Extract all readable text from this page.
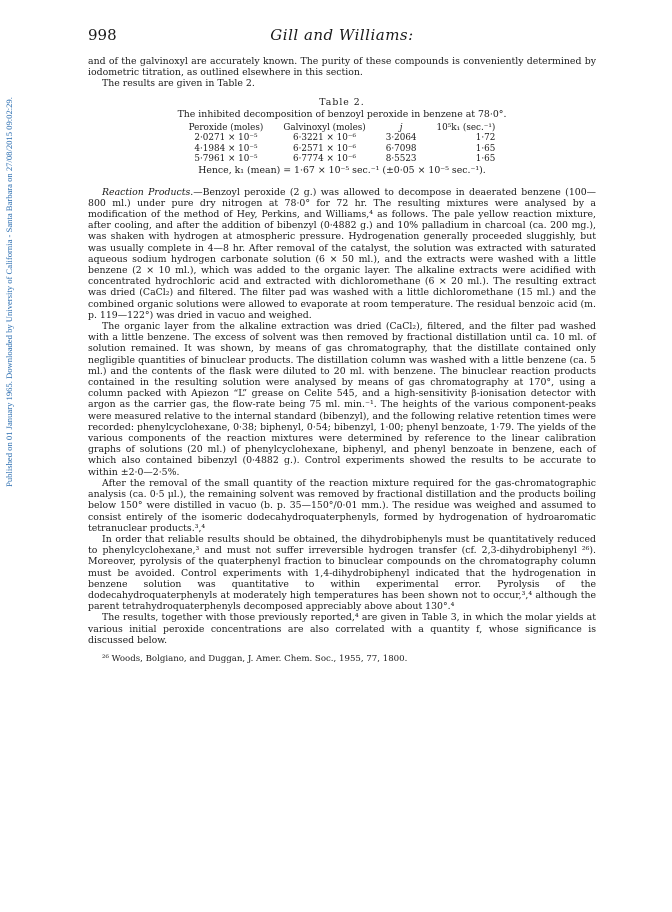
Published on 01 January 1965. Downloaded by University of California - Santa Barbara on 27/08/2015 09:02:29.
998	Gill and Williams:

and of the galvinoxyl are accurately known. The purity of these compounds is conveniently determined by iodometric titration, as outlined elsewhere in this section.

The results are given in Table 2.

Table 2.
The inhibited decomposition of benzoyl peroxide in benzene at 78·0°.
Peroxide (moles)	Galvinoxyl (moles)	j	10⁵k₁ (sec.⁻¹)
2·0271 × 10⁻⁵	6·3221 × 10⁻⁶	3·2064	1·72
4·1984 × 10⁻⁵	6·2571 × 10⁻⁶	6·7098	1·65
5·7961 × 10⁻⁵	6·7774 × 10⁻⁶	8·5523	1·65
Hence, k₁ (mean) = 1·67 × 10⁻⁵ sec.⁻¹ (±0·05 × 10⁻⁵ sec.⁻¹).

Reaction Products.—Benzoyl peroxide (2 g.) was allowed to decompose in deaerated benzene (100—800 ml.) under pure dry nitrogen at 78·0° for 72 hr. The resulting mixtures were analysed by a modification of the method of Hey, Perkins, and Williams,⁴ as follows. The pale yellow reaction mixture, after cooling, and after the addition of bibenzyl (0·4882 g.) and 10% palladium in charcoal (ca. 200 mg.), was shaken with hydrogen at atmospheric pressure. Hydrogenation generally proceeded sluggishly, but was usually complete in 4—8 hr. After removal of the catalyst, the solution was extracted with saturated aqueous sodium hydrogen carbonate solution (6 × 50 ml.), and the extracts were washed with a little benzene (2 × 10 ml.), which was added to the organic layer. The alkaline extracts were acidified with concentrated hydrochloric acid and extracted with dichloromethane (6 × 20 ml.). The resulting extract was dried (CaCl₂) and filtered. The filter pad was washed with a little dichloromethane (15 ml.) and the combined organic solutions were allowed to evaporate at room temperature. The residual benzoic acid (m. p. 119—122°) was dried in vacuo and weighed.

The organic layer from the alkaline extraction was dried (CaCl₂), filtered, and the filter pad washed with a little benzene. The excess of solvent was then removed by fractional distillation until ca. 10 ml. of solution remained. It was shown, by means of gas chromatography, that the distillate contained only negligible quantities of binuclear products. The distillation column was washed with a little benzene (ca. 5 ml.) and the contents of the flask were diluted to 20 ml. with benzene. The binuclear reaction products contained in the resulting solution were analysed by means of gas chromatography at 170°, using a column packed with Apiezon “L” grease on Celite 545, and a high-sensitivity β-ionisation detector with argon as the carrier gas, the flow-rate being 75 ml. min.⁻¹. The heights of the various component-peaks were measured relative to the internal standard (bibenzyl), and the following relative retention times were recorded: phenylcyclohexane, 0·38; biphenyl, 0·54; bibenzyl, 1·00; phenyl benzoate, 1·79. The yields of the various components of the reaction mixtures were determined by reference to the linear calibration graphs of solutions (20 ml.) of phenylcyclohexane, biphenyl, and phenyl benzoate in benzene, each of which also contained bibenzyl (0·4882 g.). Control experiments showed the results to be accurate to within ±2·0—2·5%.

After the removal of the small quantity of the reaction mixture required for the gas-chromatographic analysis (ca. 0·5 μl.), the remaining solvent was removed by fractional distillation and the products boiling below 150° were distilled in vacuo (b. p. 35—150°/0·01 mm.). The residue was weighed and assumed to consist entirely of the isomeric dodecahydroquaterphenyls, formed by hydrogenation of hydroaromatic tetranuclear products.³,⁴

In order that reliable results should be obtained, the dihydrobiphenyls must be quantitatively reduced to phenylcyclohexane,³ and must not suffer irreversible hydrogen transfer (cf. 2,3-dihydrobiphenyl ²⁶). Moreover, pyrolysis of the quaterphenyl fraction to binuclear compounds on the chromatography column must be avoided. Control experiments with 1,4-dihydrobiphenyl indicated that the hydrogenation in benzene solution was quantitative to within experimental error. Pyrolysis of the dodecahydroquaterphenyls at moderately high temperatures has been shown not to occur,³,⁴ although the parent tetrahydroquaterphenyls decomposed appreciably above about 130°.⁴

The results, together with those previously reported,⁴ are given in Table 3, in which the molar yields at various initial peroxide concentrations are also correlated with a quantity f, whose significance is discussed below.

²⁶ Woods, Bolgiano, and Duggan, J. Amer. Chem. Soc., 1955, 77, 1800.
